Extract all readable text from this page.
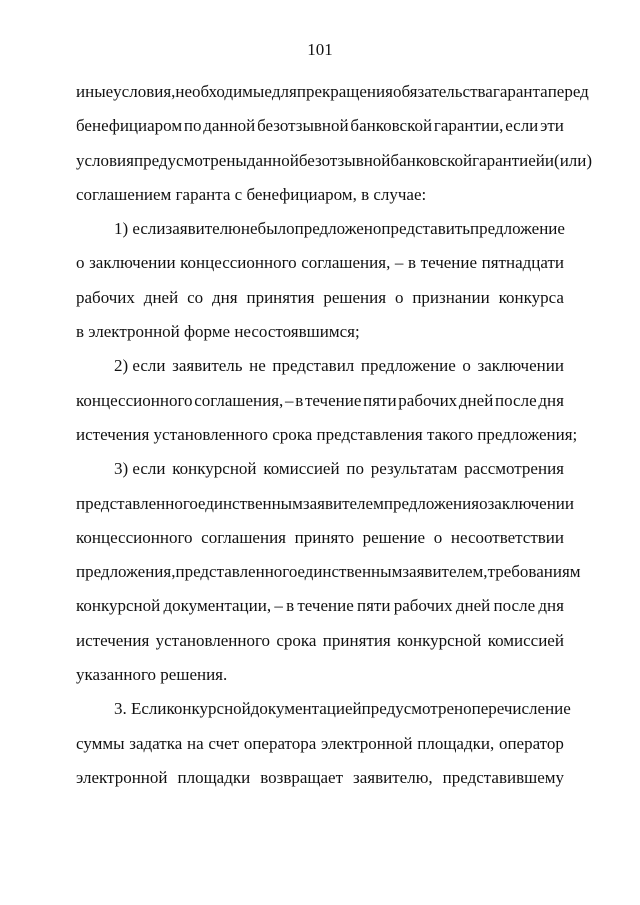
101
иные условия, необходимые для прекращения обязательства гаранта перед
бенефициаром по данной безотзывной банковской гарантии, если эти
условия предусмотрены данной безотзывной банковской гарантией и (или)
соглашением гаранта с бенефициаром, в случае:
1) если заявителю не было предложено представить предложение
о заключении концессионного соглашения, – в течение пятнадцати
рабочих дней со дня принятия решения о признании конкурса
в электронной форме несостоявшимся;
2) если заявитель не представил предложение о заключении
концессионного соглашения, – в течение пяти рабочих дней после дня
истечения установленного срока представления такого предложения;
3) если конкурсной комиссией по результатам рассмотрения
представленного единственным заявителем предложения о заключении
концессионного соглашения принято решение о несоответствии
предложения, представленного единственным заявителем, требованиям
конкурсной документации, – в течение пяти рабочих дней после дня
истечения установленного срока принятия конкурсной комиссией
указанного решения.
3. Если конкурсной документацией предусмотрено перечисление
суммы задатка на счет оператора электронной площадки, оператор
электронной площадки возвращает заявителю, представившему
